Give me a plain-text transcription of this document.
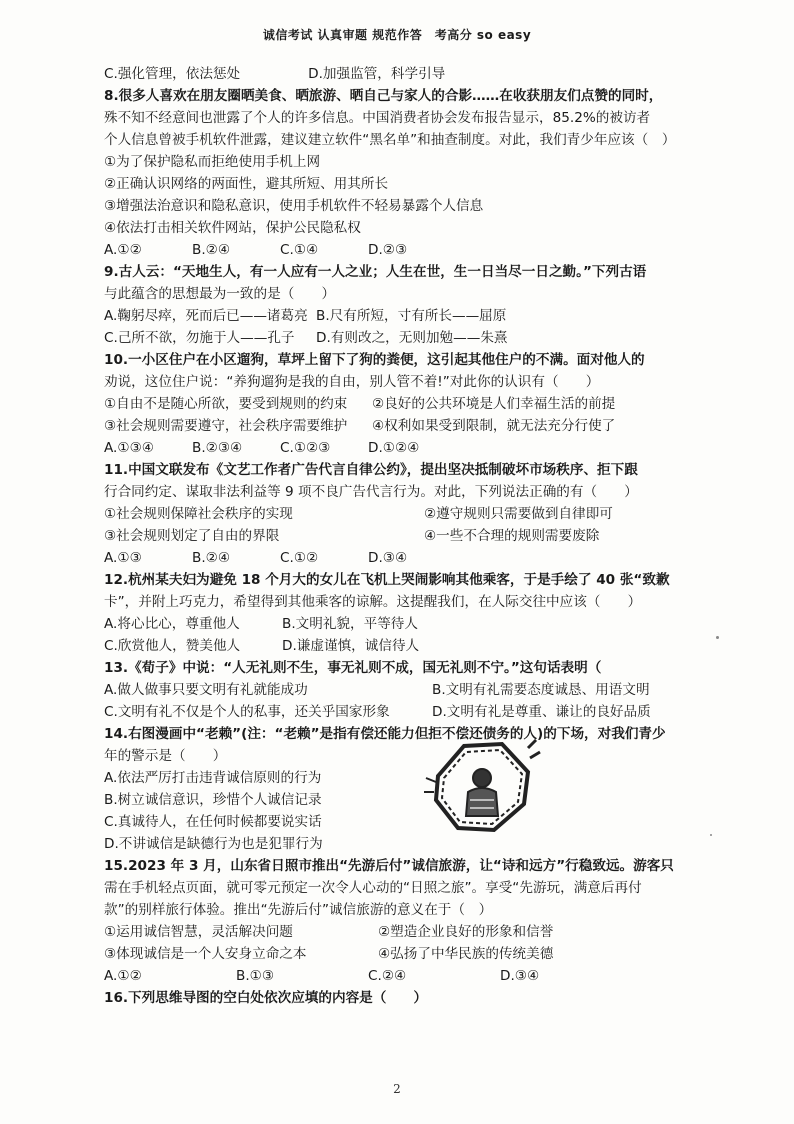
诚信考试 认真审题 规范作答　考高分 so easy
C.强化管理，依法惩处　　　　　D.加强监管，科学引导
8.很多人喜欢在朋友圈晒美食、晒旅游、晒自己与家人的合影……在收获朋友们点赞的同时，
殊不知不经意间也泄露了个人的许多信息。中国消费者协会发布报告显示，85.2%的被访者
个人信息曾被手机软件泄露，建议建立软件“黑名单”和抽查制度。对此，我们青少年应该（　）
①为了保护隐私而拒绝使用手机上网
②正确认识网络的两面性，避其所短、用其所长
③增强法治意识和隐私意识，使用手机软件不轻易暴露个人信息
④依法打击相关软件网站，保护公民隐私权
A.①②	B.②④	C.①④	D.②③
9.古人云：“天地生人，有一人应有一人之业；人生在世，生一日当尽一日之勤。”下列古语
与此蕴含的思想最为一致的是（　　）
A.鞠躬尽瘁，死而后已——诸葛亮 B.尺有所短，寸有所长——屈原
C.己所不欲，勿施于人——孔子	D.有则改之，无则加勉——朱熹
10.一小区住户在小区遛狗，草坪上留下了狗的粪便，这引起其他住户的不满。面对他人的
劝说，这位住户说：“养狗遛狗是我的自由，别人管不着!”对此你的认识有（　　）
①自由不是随心所欲，要受到规则的约束	②良好的公共环境是人们幸福生活的前提
③社会规则需要遵守，社会秩序需要维护	④权利如果受到限制，就无法充分行使了
A.①③④	B.②③④	C.①②③	D.①②④
11.中国文联发布《文艺工作者广告代言自律公约》，提出坚决抵制破坏市场秩序、拒下跟
行合同约定、谋取非法利益等 9 项不良广告代言行为。对此，下列说法正确的有（　　）
①社会规则保障社会秩序的实现	②遵守规则只需要做到自律即可
③社会规则划定了自由的界限	④一些不合理的规则需要废除
A.①③	B.②④	C.①②	D.③④
12.杭州某夫妇为避免 18 个月大的女儿在飞机上哭闹影响其他乘客，于是手绘了 40 张“致歉
卡”，并附上巧克力，希望得到其他乘客的谅解。这提醒我们，在人际交往中应该（　　）
A.将心比心，尊重他人	B.文明礼貌，平等待人
C.欣赏他人，赞美他人	D.谦虚谨慎，诚信待人
13.《荀子》中说：“人无礼则不生，事无礼则不成，国无礼则不宁。”这句话表明（
A.做人做事只要文明有礼就能成功	B.文明有礼需要态度诚恳、用语文明
C.文明有礼不仅是个人的私事，还关乎国家形象	D.文明有礼是尊重、谦让的良好品质
14.右图漫画中“老赖”(注：“老赖”是指有偿还能力但拒不偿还债务的人)的下场，对我们青少
年的警示是（　　）
A.依法严厉打击违背诚信原则的行为
B.树立诚信意识，珍惜个人诚信记录
C.真诚待人，在任何时候都要说实话
D.不讲诚信是缺德行为也是犯罪行为
15.2023 年 3 月，山东省日照市推出“先游后付”诚信旅游，让“诗和远方”行稳致远。游客只
需在手机轻点页面，就可零元预定一次令人心动的“日照之旅”。享受“先游玩，满意后再付
款”的别样旅行体验。推出“先游后付”诚信旅游的意义在于（　）
①运用诚信智慧，灵活解决问题	②塑造企业良好的形象和信誉
③体现诚信是一个人安身立命之本	④弘扬了中华民族的传统美德
A.①②	B.①③	C.②④	D.③④
16.下列思维导图的空白处依次应填的内容是（　　）
2
